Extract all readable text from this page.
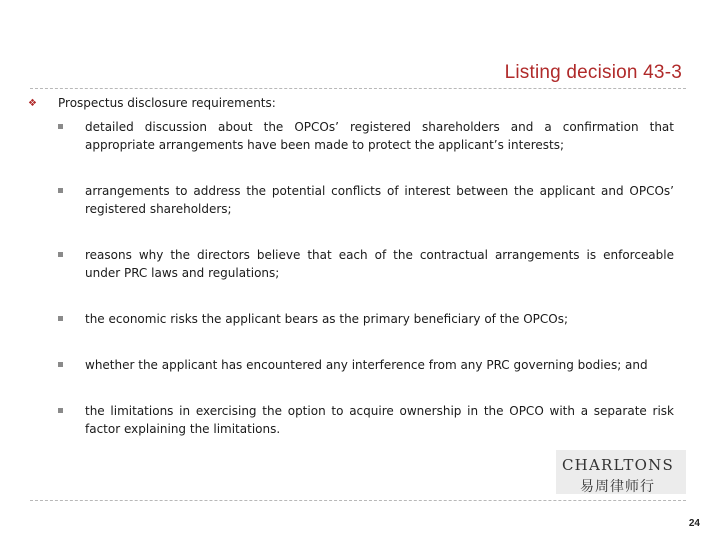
Listing decision 43-3
❖	Prospectus disclosure requirements:
detailed discussion about the OPCOs’ registered shareholders and a confirmation that appropriate arrangements have been made to protect the applicant’s interests;
arrangements to address the potential conflicts of interest between the applicant and OPCOs’ registered shareholders;
reasons why the directors believe that each of the contractual arrangements is enforceable under PRC laws and regulations;
the economic risks the applicant bears as the primary beneficiary of the OPCOs;
whether the applicant has encountered any interference from any PRC governing bodies; and
the limitations in exercising the option to acquire ownership in the OPCO with a separate risk factor explaining the limitations.
CHARLTONS
易周律师行
24
